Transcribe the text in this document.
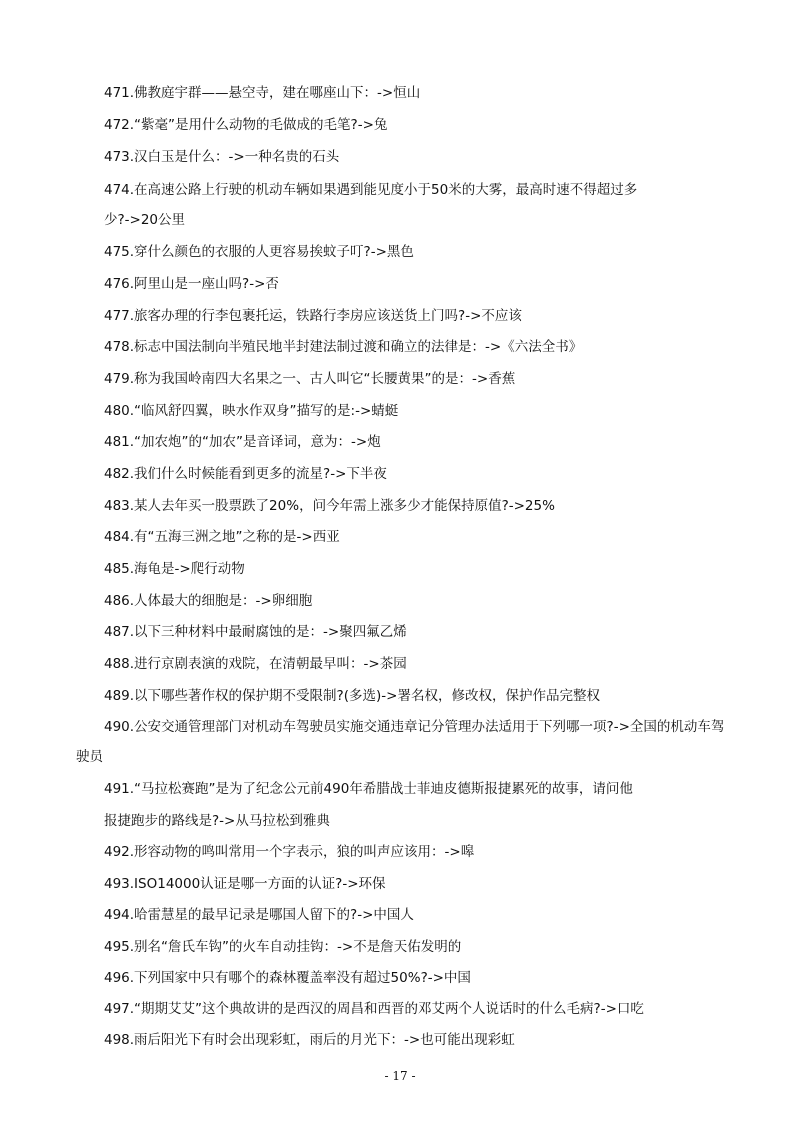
471.佛教庭宇群——悬空寺，建在哪座山下：->恒山
472.“紫毫”是用什么动物的毛做成的毛笔?->兔
473.汉白玉是什么：->一种名贵的石头
474.在高速公路上行驶的机动车辆如果遇到能见度小于50米的大雾，最高时速不得超过多
少?->20公里
475.穿什么颜色的衣服的人更容易挨蚊子叮?->黑色
476.阿里山是一座山吗?->否
477.旅客办理的行李包裹托运，铁路行李房应该送货上门吗?->不应该
478.标志中国法制向半殖民地半封建法制过渡和确立的法律是：->《六法全书》
479.称为我国岭南四大名果之一、古人叫它“长腰黄果”的是：->香蕉
480.“临风舒四翼，映水作双身”描写的是:->蜻蜓
481.“加农炮”的“加农”是音译词，意为：->炮
482.我们什么时候能看到更多的流星?->下半夜
483.某人去年买一股票跌了20%，问今年需上涨多少才能保持原值?->25%
484.有“五海三洲之地”之称的是->西亚
485.海龟是->爬行动物
486.人体最大的细胞是：->卵细胞
487.以下三种材料中最耐腐蚀的是：->聚四氟乙烯
488.进行京剧表演的戏院，在清朝最早叫：->茶园
489.以下哪些著作权的保护期不受限制?(多选)->署名权，修改权，保护作品完整权
490.公安交通管理部门对机动车驾驶员实施交通违章记分管理办法适用于下列哪一项?->全国的机动车驾
驶员
491.“马拉松赛跑”是为了纪念公元前490年希腊战士菲迪皮德斯报捷累死的故事，请问他
报捷跑步的路线是?->从马拉松到雅典
492.形容动物的鸣叫常用一个字表示，狼的叫声应该用：->嗥
493.ISO14000认证是哪一方面的认证?->环保
494.哈雷慧星的最早记录是哪国人留下的?->中国人
495.别名“詹氏车钩”的火车自动挂钩：->不是詹天佑发明的
496.下列国家中只有哪个的森林覆盖率没有超过50%?->中国
497.“期期艾艾”这个典故讲的是西汉的周昌和西晋的邓艾两个人说话时的什么毛病?->口吃
498.雨后阳光下有时会出现彩虹，雨后的月光下：->也可能出现彩虹
- 17 -
